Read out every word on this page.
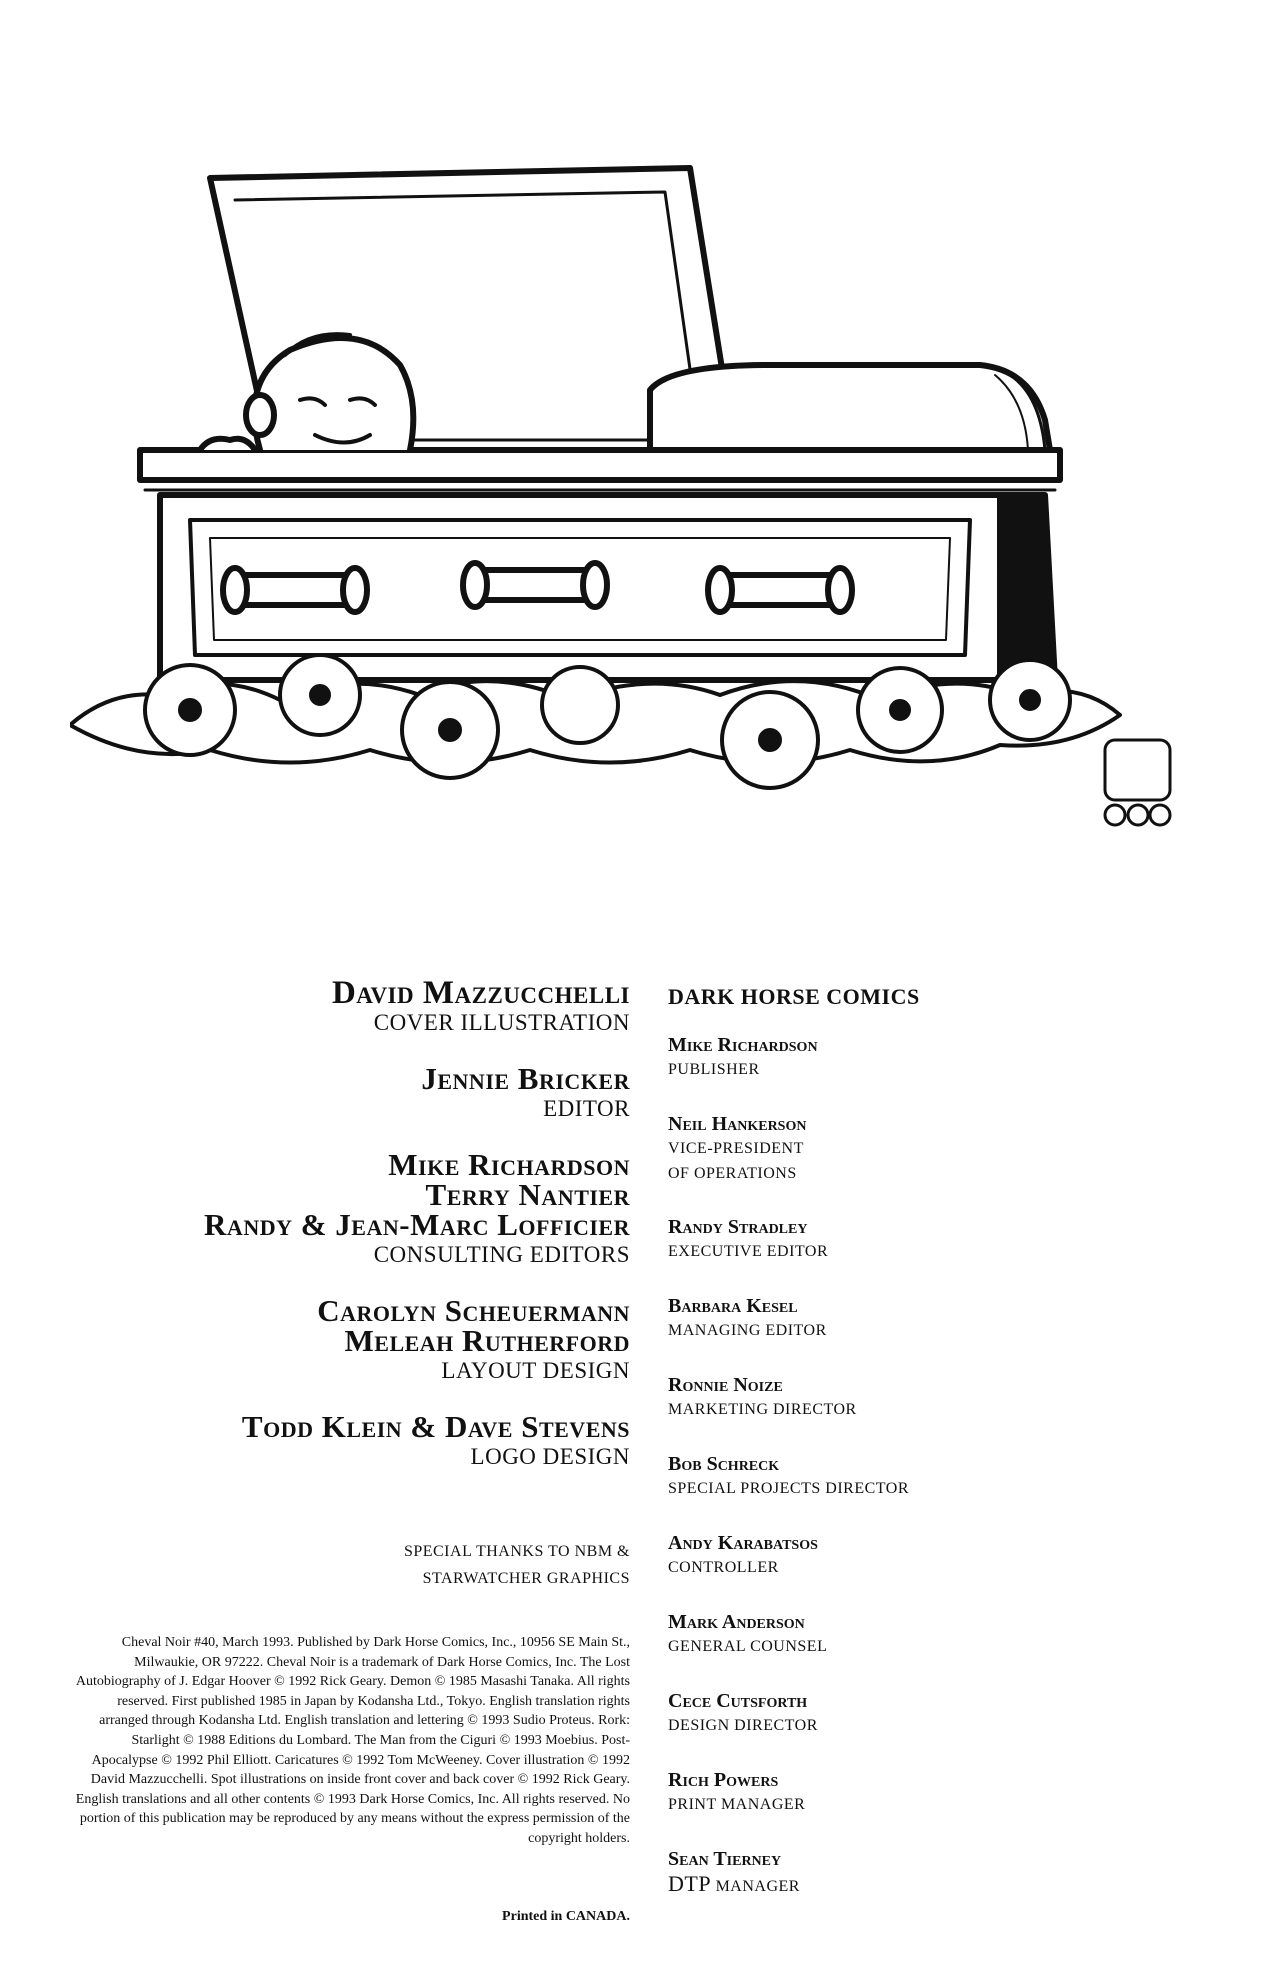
David Mazzucchelli
COVER ILLUSTRATION
Jennie Bricker
EDITOR
Mike Richardson
Terry Nantier
Randy & Jean-Marc Lofficier
CONSULTING EDITORS
Carolyn Scheuermann
Meleah Rutherford
LAYOUT DESIGN
Todd Klein & Dave Stevens
LOGO DESIGN
SPECIAL THANKS TO NBM &
STARWATCHER GRAPHICS
Cheval Noir #40, March 1993. Published by Dark Horse Comics, Inc., 10956 SE Main St., Milwaukie, OR 97222. Cheval Noir is a trademark of Dark Horse Comics, Inc. The Lost Autobiography of J. Edgar Hoover © 1992 Rick Geary. Demon © 1985 Masashi Tanaka. All rights reserved. First published 1985 in Japan by Kodansha Ltd., Tokyo. English translation rights arranged through Kodansha Ltd. English translation and lettering © 1993 Sudio Proteus. Rork: Starlight © 1988 Editions du Lombard. The Man from the Ciguri © 1993 Moebius. Post-Apocalypse © 1992 Phil Elliott. Caricatures © 1992 Tom McWeeney. Cover illustration © 1992 David Mazzucchelli. Spot illustrations on inside front cover and back cover © 1992 Rick Geary. English translations and all other contents © 1993 Dark Horse Comics, Inc. All rights reserved. No portion of this publication may be reproduced by any means without the express permission of the copyright holders.
Printed in CANADA.
DARK HORSE COMICS
Mike Richardson
PUBLISHER
Neil Hankerson
VICE-PRESIDENT
OF OPERATIONS
Randy Stradley
EXECUTIVE EDITOR
Barbara Kesel
MANAGING EDITOR
Ronnie Noize
MARKETING DIRECTOR
Bob Schreck
SPECIAL PROJECTS DIRECTOR
Andy Karabatsos
CONTROLLER
Mark Anderson
GENERAL COUNSEL
Cece Cutsforth
DESIGN DIRECTOR
Rich Powers
PRINT MANAGER
Sean Tierney
DTP MANAGER
